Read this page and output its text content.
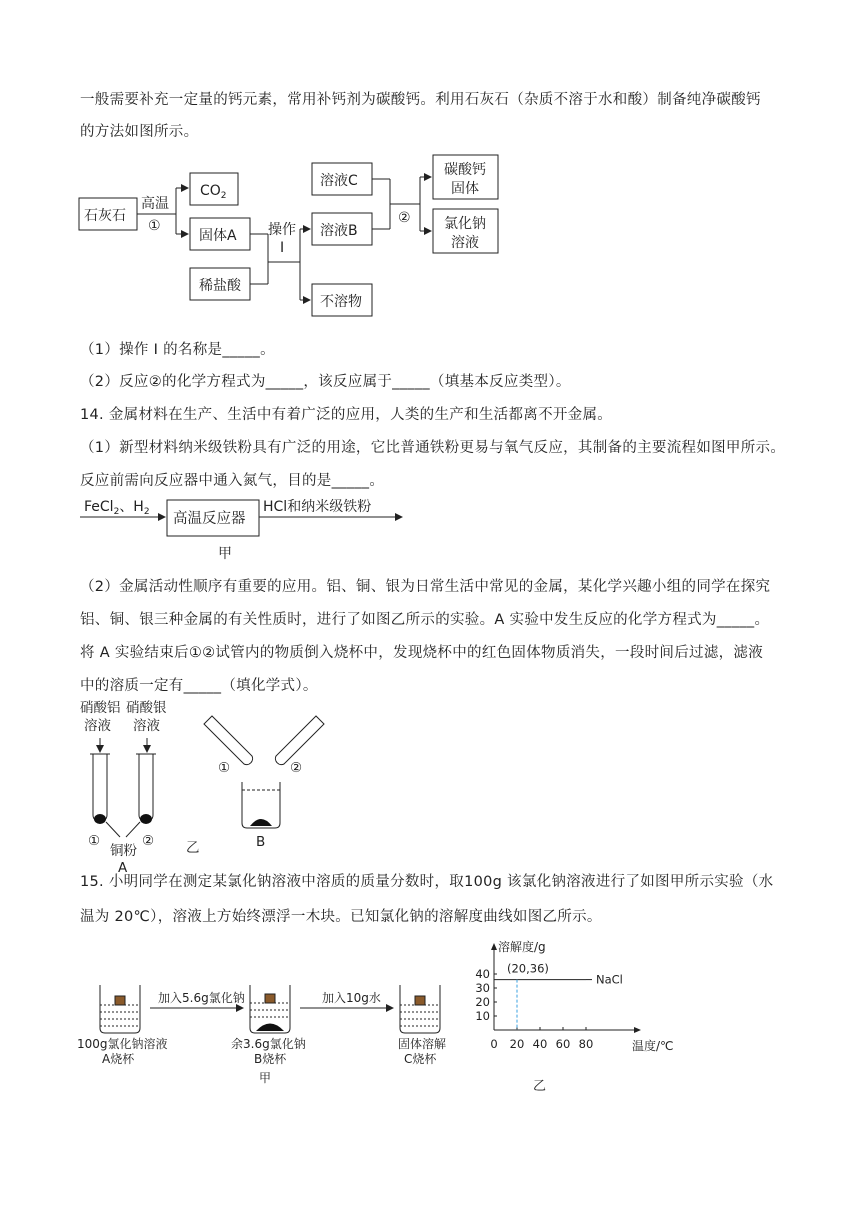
一般需要补充一定量的钙元素，常用补钙剂为碳酸钙。利用石灰石（杂质不溶于水和酸）制备纯净碳酸钙
的方法如图所示。
（1）操作 I 的名称是_____。
（2）反应②的化学方程式为_____，该反应属于_____（填基本反应类型）。
14. 金属材料在生产、生活中有着广泛的应用，人类的生产和生活都离不开金属。
（1）新型材料纳米级铁粉具有广泛的用途，它比普通铁粉更易与氧气反应，其制备的主要流程如图甲所示。
反应前需向反应器中通入氮气，目的是_____。
（2）金属活动性顺序有重要的应用。铝、铜、银为日常生活中常见的金属，某化学兴趣小组的同学在探究
铝、铜、银三种金属的有关性质时，进行了如图乙所示的实验。A 实验中发生反应的化学方程式为_____。
将 A 实验结束后①②试管内的物质倒入烧杯中，发现烧杯中的红色固体物质消失，一段时间后过滤，滤液
中的溶质一定有_____（填化学式）。
15. 小明同学在测定某氯化钠溶液中溶质的质量分数时，取100g 该氯化钠溶液进行了如图甲所示实验（水
温为 20℃），溶液上方始终漂浮一木块。已知氯化钠的溶解度曲线如图乙所示。
石灰石
高温
①
$CO_2$
固体A
稀盐酸
操作
I
溶液C
溶液B
不溶物
②
碳酸钙
固体
氯化钠
溶液
FeCl$_2$、$H_2$ 高温反应器
HCl和纳米级铁粉
甲
硝酸铝
溶液
硝酸银
溶液
①	②
铜粉
A
①	②
B
乙
加入5.6g氯化钠	加入10g水
100g氯化钠溶液
A烧杯
余3.6g氯化钠
B烧杯
固体溶解
C烧杯
甲
乙
溶解度/g
温度/℃
0 20 40 60 80
10
20
30
40	NaCl
(20,36)
